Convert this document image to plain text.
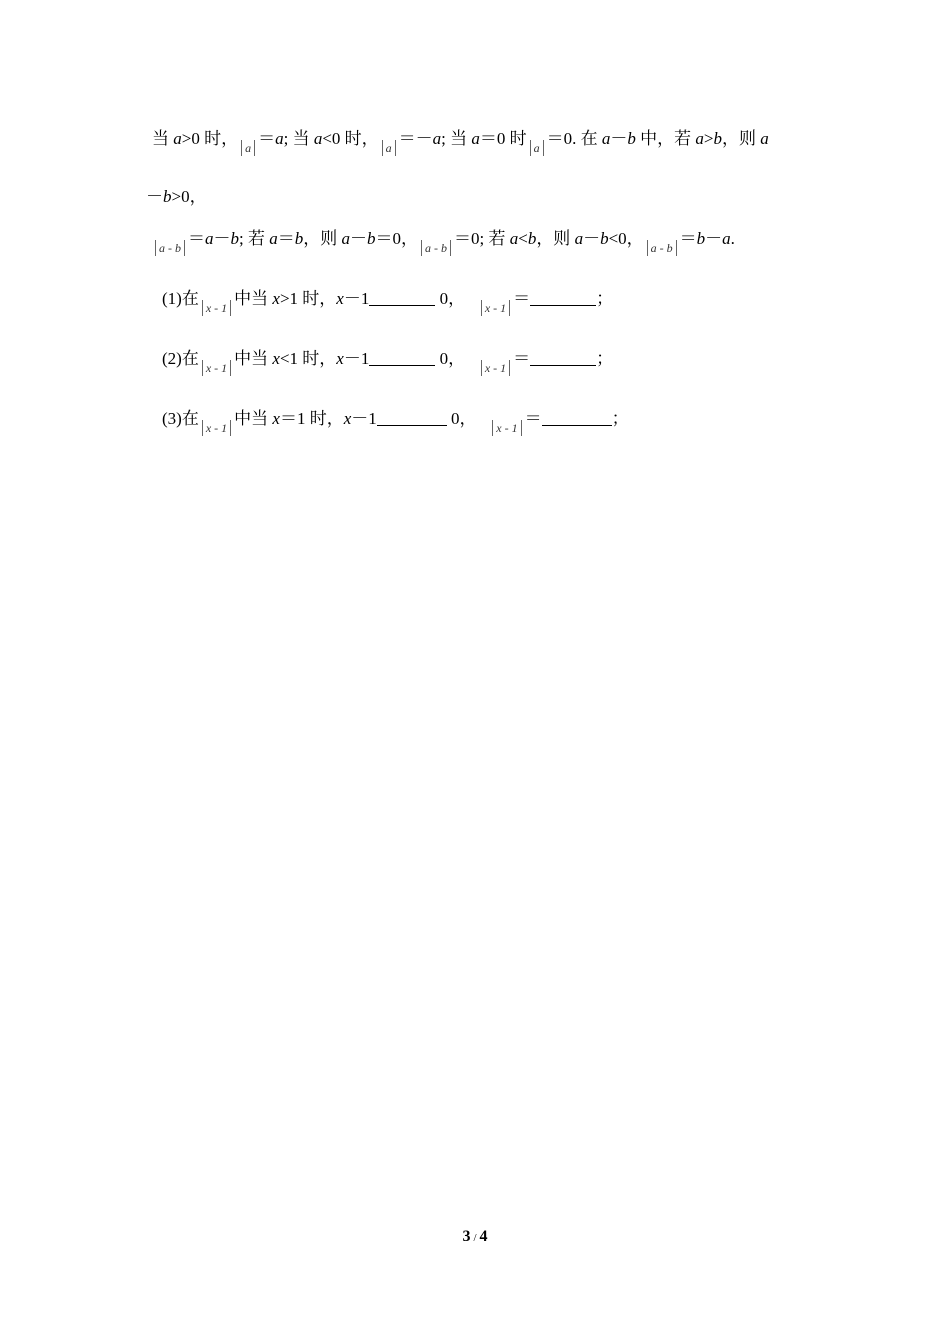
当 a>0 时， a ＝a; 当 a<0 时， a ＝－a; 当 a＝0 时 a ＝0. 在 a－b 中，若 a>b，则 a
－b>0，
a - b ＝a－b; 若 a＝b，则 a－b＝0， a - b ＝0; 若 a<b，则 a－b<0， a - b ＝b－a.
(1)在 x - 1 中当 x>1 时，x－1	0， x - 1 ＝	；
(2)在 x - 1 中当 x<1 时，x－1	0， x - 1 ＝	；
(3)在 x - 1 中当 x＝1 时，x－1	0， x - 1 ＝	；
3 / 4
